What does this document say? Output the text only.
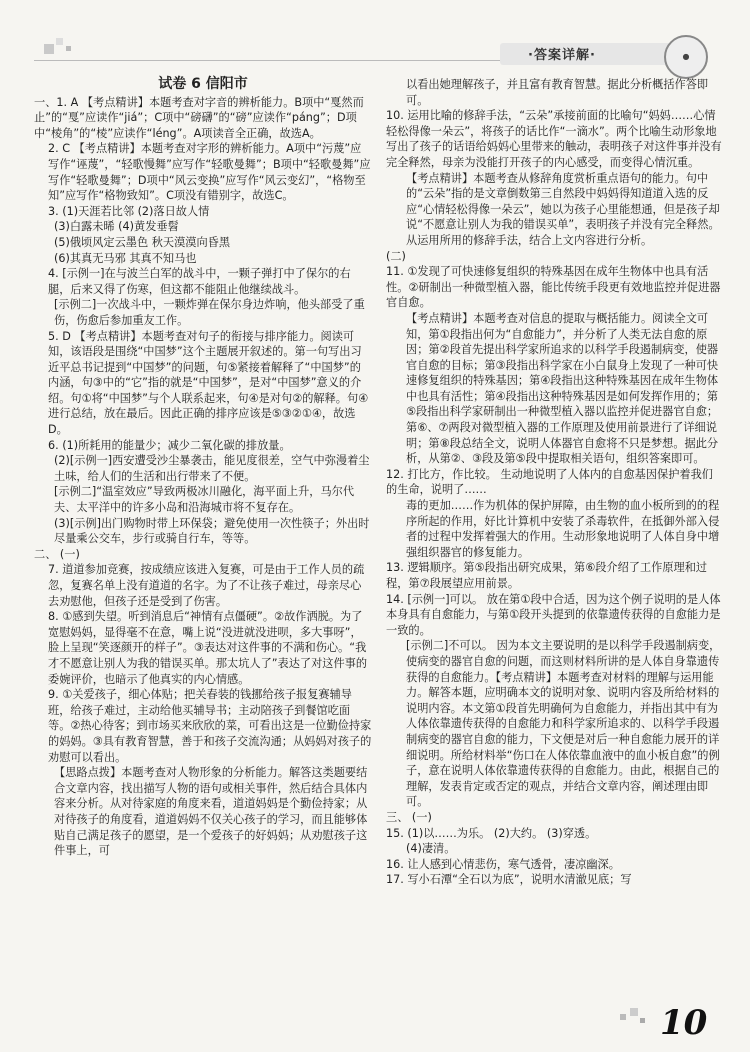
·答案详解·	●

试卷 6 信阳市

一、1. A 【考点精讲】本题考查对字音的辨析能力。B项中“戛然而止”的“戛”应读作“jiá”；C项中“磅礴”的“磅”应读作“páng”；D项中“棱角”的“棱”应读作“léng”。A项读音全正确，故选A。

2. C 【考点精讲】本题考查对字形的辨析能力。A项中“污蔑”应写作“诬蔑”，“轻歌慢舞”应写作“轻歌曼舞”；B项中“轻歌曼舞”应写作“轻歌曼舞”；D项中“风云变换”应写作“风云变幻”，“格物至知”应写作“格物致知”。C项没有错别字，故选C。

3. (1)天涯若比邻 (2)落日故人情

(3)白露未晞 (4)黄发垂髫

(5)俄顷风定云墨色 秋天漠漠向昏黑

(6)其真无马邪 其真不知马也

4. [示例一]在与波兰白军的战斗中，一颗子弹打中了保尔的右腿，后来又得了伤寒，但这都不能阻止他继续战斗。

[示例二]一次战斗中，一颗炸弹在保尔身边炸响，他头部受了重伤，伤愈后参加重友工作。

5. D 【考点精讲】本题考查对句子的衔接与排序能力。阅读可知，该语段是围绕“中国梦”这个主题展开叙述的。第一句写出习近平总书记提到“中国梦”的问题，句⑤紧接着解释了“中国梦”的内涵，句③中的“它”指的就是“中国梦”，是对“中国梦”意义的介绍。句①将“中国梦”与个人联系起来，句④是对句②的解释。句④进行总结，放在最后。因此正确的排序应该是⑤③②①④，故选D。

6. (1)所耗用的能量少；减少二氧化碳的排放量。

(2)[示例一]西安遭受沙尘暴袭击，能见度很差，空气中弥漫着尘土味，给人们的生活和出行带来了不便。

[示例二]“温室效应”导致两极冰川融化，海平面上升，马尔代夫、太平洋中的许多小岛和沿海城市将不复存在。

(3)[示例]出门购物时带上环保袋；避免使用一次性筷子；外出时尽量乘公交车，步行或骑自行车，等等。

二、 (一)

7. 道道参加竞赛，按成绩应该进入复赛，可是由于工作人员的疏忽，复赛名单上没有道道的名字。为了不让孩子难过，母亲尽心去劝慰他，但孩子还是受到了伤害。

8. ①感到失望。听到消息后“神情有点僵硬”。②故作洒脱。为了宽慰妈妈，显得毫不在意，嘴上说“没进就没进呗，多大事呀”，脸上呈现“笑逐颜开的样子”。③表达对这件事的不满和伤心。“我才不愿意让别人为我的错误买单。那太坑人了”表达了对这件事的委婉评价，也暗示了他真实的内心情感。

9. ①关爱孩子，细心体贴；把关春装的钱挪给孩子报复赛辅导班，给孩子难过，主动给他买辅导书；主动陪孩子到餐馆吃面等。②热心待客；到市场买来欣欣的菜，可看出这是一位勤俭持家的妈妈。③具有教育智慧，善于和孩子交流沟通；从妈妈对孩子的劝慰可以看出。

【思路点拨】本题考查对人物形象的分析能力。解答这类题要结合文章内容，找出描写人物的语句或相关事件，然后结合具体内容来分析。从对待家庭的角度来看，道道妈妈是个勤俭持家；从对待孩子的角度看，道道妈妈不仅关心孩子的学习，而且能够体贴自己满足孩子的愿望，是一个爱孩子的好妈妈；从劝慰孩子这件事上，可

以看出她理解孩子，并且富有教育智慧。据此分析概括作答即可。

10. 运用比喻的修辞手法，“云朵”承接前面的比喻句“妈妈……心情轻松得像一朵云”，将孩子的话比作“一滴水”。两个比喻生动形象地写出了孩子的话语给妈妈心里带来的触动，表明孩子对这件事并没有完全释然，母亲为没能打开孩子的内心感受，而变得心情沉重。

【考点精讲】本题考查从修辞角度赏析重点语句的能力。句中的“云朵”指的是文章倒数第三自然段中妈妈得知道道入选的反应“心情轻松得像一朵云”，她以为孩子心里能想通，但是孩子却说“不愿意让别人为我的错误买单”，表明孩子并没有完全释然。从运用所用的修辞手法，结合上文内容进行分析。

(二)

11. ①发现了可快速修复组织的特殊基因在成年生物体中也具有活性。②研制出一种微型植入器，能比传统手段更有效地监控并促进器官自愈。

【考点精讲】本题考查对信息的提取与概括能力。阅读全文可知，第①段指出何为“自愈能力”，并分析了人类无法自愈的原因；第②段首先提出科学家所追求的以科学手段遏制病变，使器官自愈的目标；第③段指出科学家在小白鼠身上发现了一种可快速修复组织的特殊基因；第④段指出这种特殊基因在成年生物体中也具有活性；第④段指出这种特殊基因是如何发挥作用的；第⑤段指出科学家研制出一种微型植入器以监控并促进器官自愈；第⑥、⑦两段对微型植入器的工作原理及使用前景进行了详细说明；第⑧段总结全文，说明人体器官自愈将不只是梦想。据此分析，从第②、③段及第⑤段中提取相关语句，组织答案即可。

12. 打比方，作比较。 生动地说明了人体内的自愈基因保护着我们的生命，说明了……

毒的更加……作为机体的保护屏障，由生物的血小板所到的的程序所起的作用，好比计算机中安装了杀毒软件，在抵御外部入侵者的过程中发挥着强大的作用。生动形象地说明了人体自身中增强组织器官的修复能力。

13. 逻辑顺序。第⑤段指出研究成果，第⑥段介绍了工作原理和过程，第⑦段展望应用前景。

14. [示例一]可以。 放在第①段中合适，因为这个例子说明的是人体本身具有自愈能力，与第①段开头提到的依靠遗传获得的自愈能力是一致的。

[示例二]不可以。 因为本文主要说明的是以科学手段遏制病变，使病变的器官自愈的问题，而这则材料所讲的是人体自身靠遗传获得的自愈能力。【考点精讲】本题考查对材料的理解与运用能力。解答本题，应明确本文的说明对象、说明内容及所给材料的说明内容。本文第①段首先明确何为自愈能力，并指出其中有为人体依靠遗传获得的自愈能力和科学家所追求的、以科学手段遏制病变的器官自愈的能力，下文便是对后一种自愈能力展开的详细说明。所给材料举“伤口在人体依靠血液中的血小板自愈”的例子，意在说明人体依靠遗传获得的自愈能力。由此，根据自己的理解，发表肯定或否定的观点，并结合文章内容，阐述理由即可。

三、 (一)

15. (1)以……为乐。 (2)大约。 (3)穿透。

(4)凄清。

16. 让人感到心情悲伤，寒气透骨，凄凉幽深。

17. 写小石潭“全石以为底”，说明水清澈见底；写

10
